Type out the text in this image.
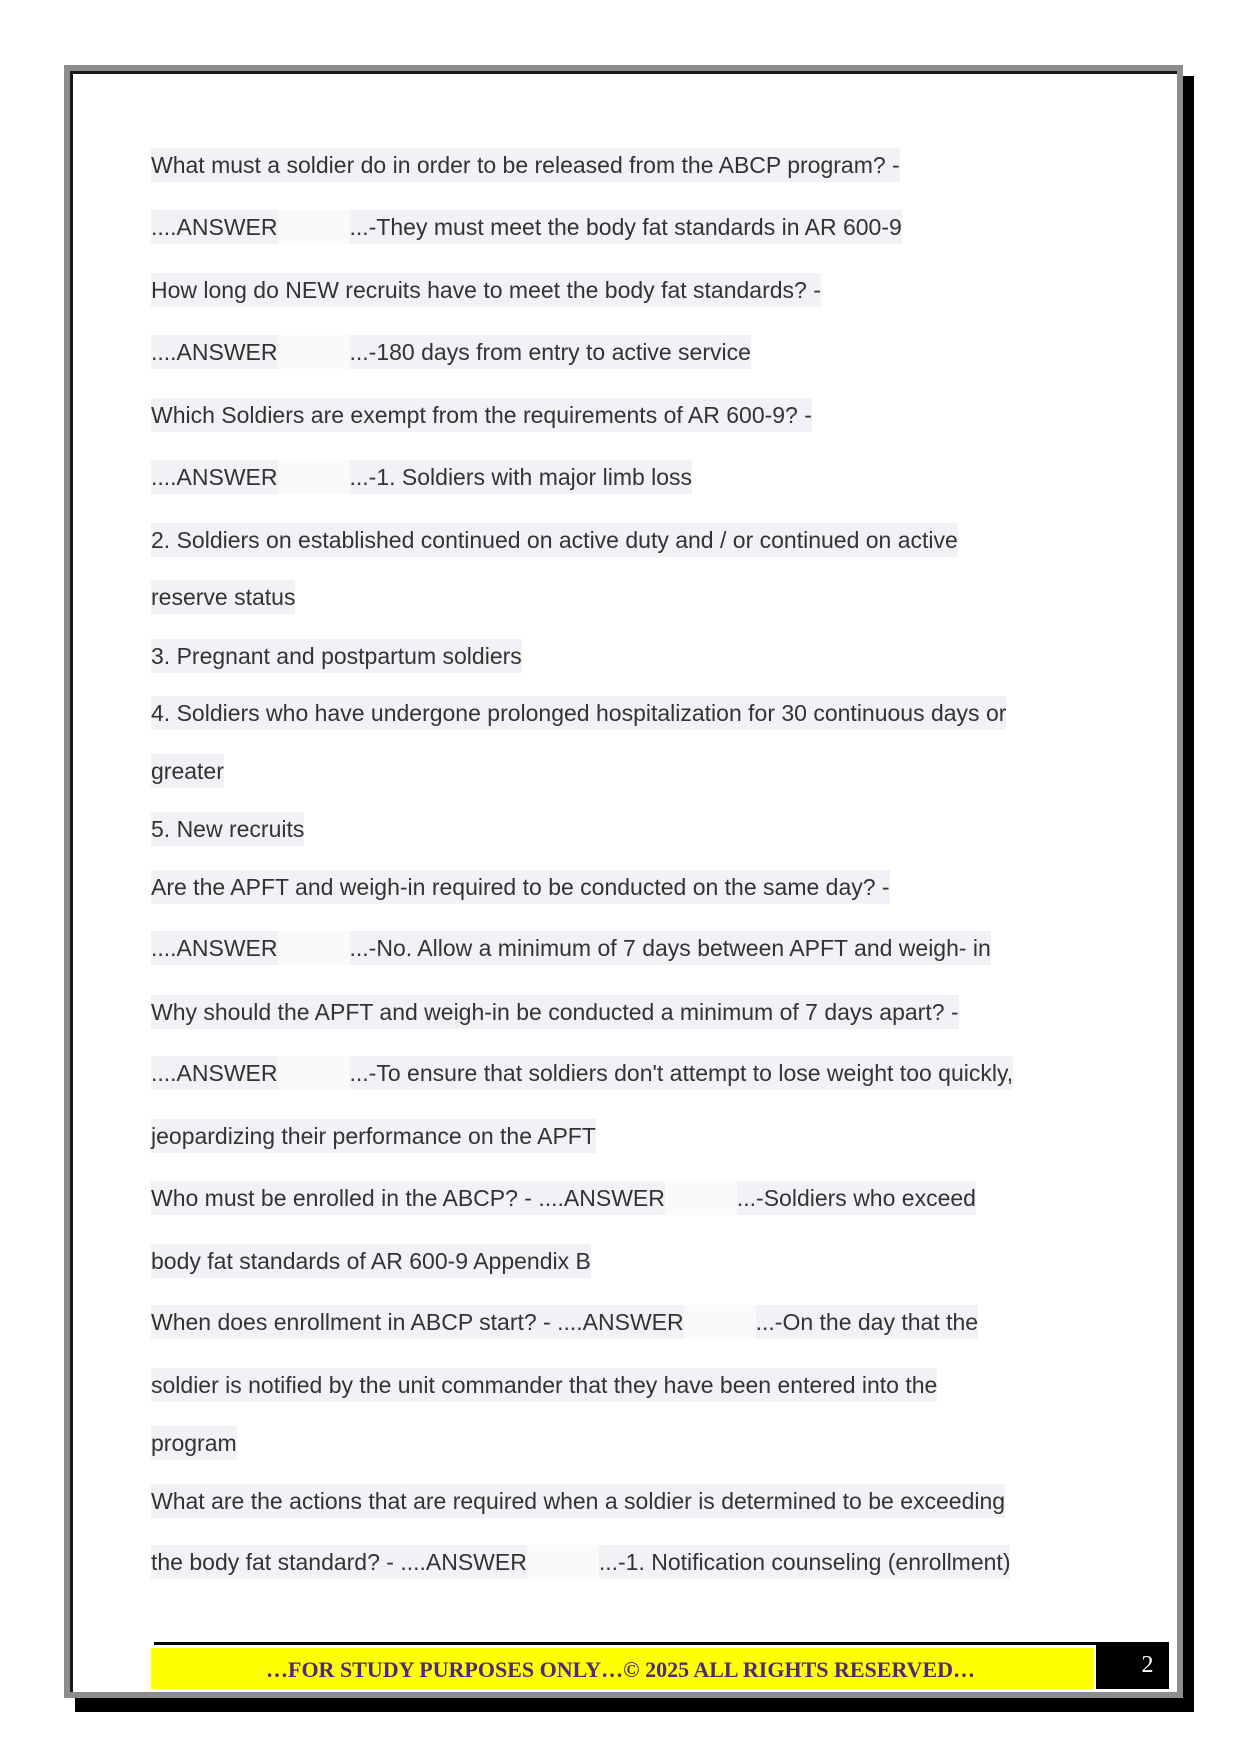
What must a soldier do in order to be released from the ABCP program? -
....ANSWER	...-They must meet the body fat standards in AR 600-9
How long do NEW recruits have to meet the body fat standards? -
....ANSWER	...-180 days from entry to active service
Which Soldiers are exempt from the requirements of AR 600-9? -
....ANSWER	...-1. Soldiers with major limb loss
2. Soldiers on established continued on active duty and / or continued on active
reserve status
3. Pregnant and postpartum soldiers
4. Soldiers who have undergone prolonged hospitalization for 30 continuous days or
greater
5. New recruits
Are the APFT and weigh-in required to be conducted on the same day? -
....ANSWER	...-No. Allow a minimum of 7 days between APFT and weigh- in
Why should the APFT and weigh-in be conducted a minimum of 7 days apart? -
....ANSWER	...-To ensure that soldiers don't attempt to lose weight too quickly,
jeopardizing their performance on the APFT
Who must be enrolled in the ABCP? - ....ANSWER	...-Soldiers who exceed
body fat standards of AR 600-9 Appendix B
When does enrollment in ABCP start? - ....ANSWER	...-On the day that the
soldier is notified by the unit commander that they have been entered into the
program
What are the actions that are required when a soldier is determined to be exceeding
the body fat standard? - ....ANSWER	...-1. Notification counseling (enrollment)
…FOR STUDY PURPOSES ONLY…© 2025 ALL RIGHTS RESERVED…	2
